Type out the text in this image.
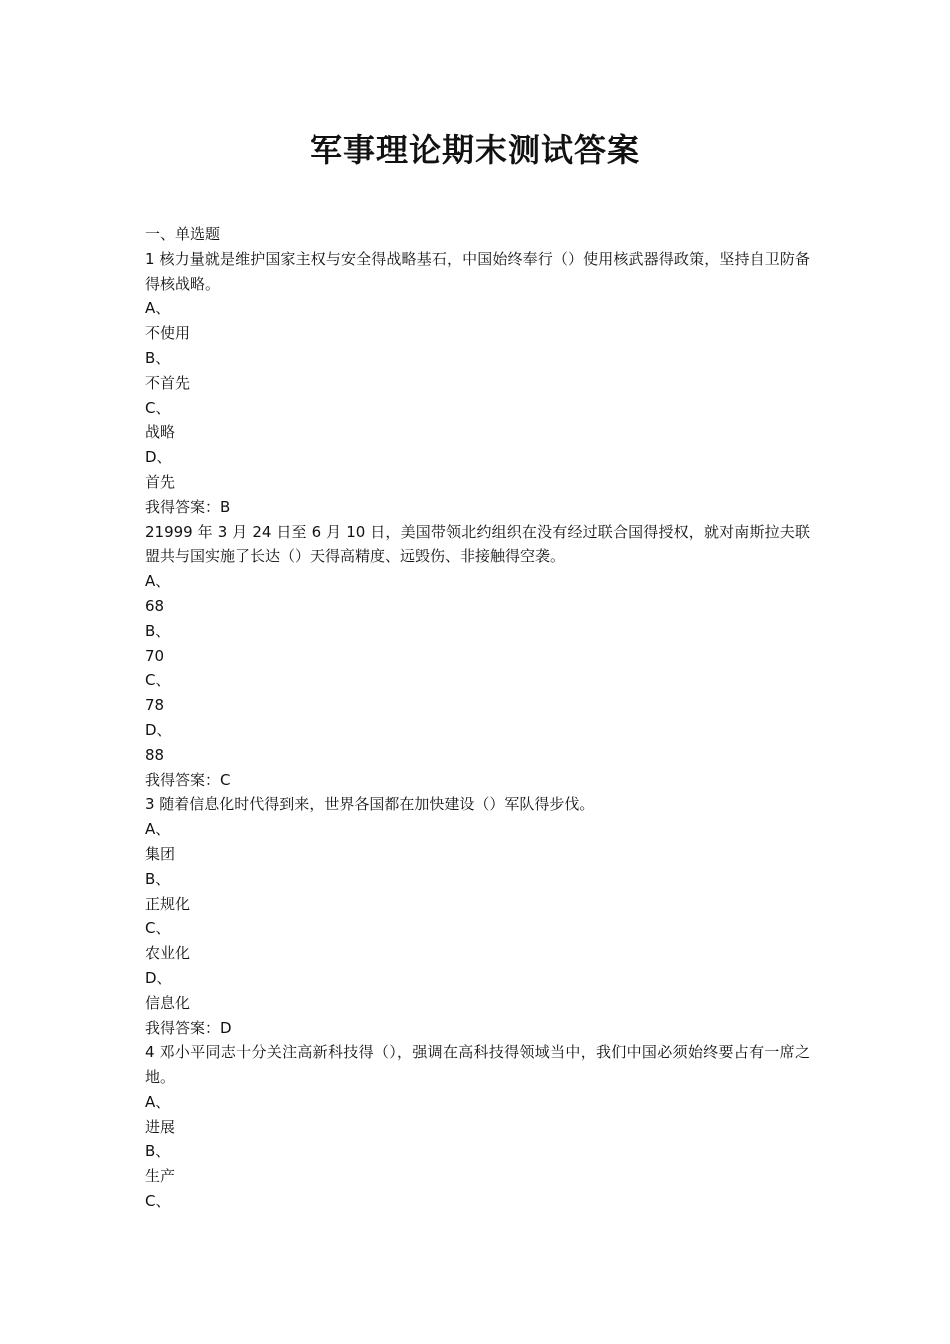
军事理论期末测试答案

一、单选题

1 核力量就是维护国家主权与安全得战略基石，中国始终奉行（）使用核武器得政策，坚持自卫防备得核战略。

A、

不使用

B、

不首先

C、

战略

D、

首先

我得答案：B

21999 年 3 月 24 日至 6 月 10 日，美国带领北约组织在没有经过联合国得授权，就对南斯拉夫联盟共与国实施了长达（）天得高精度、远毁伤、非接触得空袭。

A、

68

B、

70

C、

78

D、

88

我得答案：C

3 随着信息化时代得到来，世界各国都在加快建设（）军队得步伐。

A、

集团

B、

正规化

C、

农业化

D、

信息化

我得答案：D

4 邓小平同志十分关注高新科技得（），强调在高科技得领域当中，我们中国必须始终要占有一席之地。

A、

进展

B、

生产

C、
